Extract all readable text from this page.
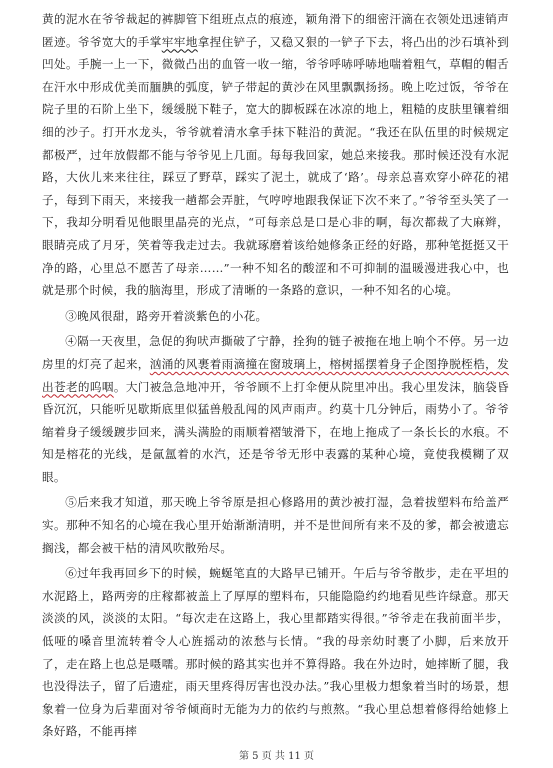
黄的泥水在爷爷裁起的裤脚管下组班点点的痕迹，颖角滑下的细密汗滴在衣领处迅速销声匿迹。爷爷宽大的手掌牢牢地拿捏住铲子，又稳又狠的一铲子下去，将凸出的沙石填补到凹处。手腕一上一下，微微凸出的血管一收一缩，爷爷呼哧呼哧地喘着粗气，草帽的帽舌在汗水中形成优美而腼腆的弧度，铲子带起的黄沙在风里飘飘扬扬。晚上吃过饭，爷爷在院子里的石阶上坐下，缓缓脱下鞋子，宽大的脚板踩在冰凉的地上，粗糙的皮肤里镶着细细的沙子。打开水龙头，爷爷就着清水拿手抹下鞋沿的黄泥。“我还在队伍里的时候规定都极严，过年放假都不能与爷爷见上几面。每每我回家，她总来接我。那时候还没有水泥路，大伙儿来来往往，踩豆了野草，踩实了泥土，就成了‘路’。母亲总喜欢穿小碎花的裙子，每到下雨天，来接我一趟都会弄脏，气哼哼地跟我保证下次不来了。”爷爷至头笑了一下，我却分明看见他眼里晶亮的光点，“可每亲总是口是心非的啊，每次都裁了大麻辫，眼睛亮成了月牙，笑着等我走过去。我就琢磨着该给她修条正经的好路，那种笔挺挺又干净的路，心里总不愿苦了母亲……”一种不知名的酸涩和不可抑制的温暖漫进我心中，也就是那个时候，我的脑海里，形成了清晰的一条路的意识，一种不知名的心境。

③晚风很甜，路旁开着淡紫色的小花。

④隔一天夜里，急促的狗吠声撕破了宁静，拴狗的链子被拖在地上响个不停。另一边房里的灯亮了起来，汹涌的风裹着雨滴撞在窗玻璃上，榕树摇摆着身子企图挣脱桎梏，发出苍老的呜咽。大门被急急地冲开，爷爷顾不上打伞便从院里冲出。我心里发沫，脑袋昏昏沉沉，只能听见歇斯底里似猛兽般乱闯的风声雨声。约莫十几分钟后，雨势小了。爷爷缩着身子缓缓踱步回来，满头满脸的雨顺着褶皱滑下，在地上拖成了一条长长的水痕。不知是榕花的光线，是氤氲着的水汽，还是爷爷无形中表露的某种心境，竟使我模糊了双眼。

⑤后来我才知道，那天晚上爷爷原是担心修路用的黄沙被打湿，急着拔塑料布给盖严实。那种不知名的心境在我心里开始渐渐清明，并不是世间所有来不及的爹，都会被遗忘搁浅，都会被干枯的清风吹散殆尽。

⑥过年我再回乡下的时候，蜿蜒笔直的大路早已铺开。午后与爷爷散步，走在平坦的水泥路上，路两旁的庄稼都被盖上了厚厚的塑料布，只能隐隐约约地看见些许绿意。那天淡淡的风，淡淡的太阳。“每次走在这路上，我心里都踏实得很。”爷爷走在我前面半步，低哑的嗓音里流转着令人心旌摇动的浓愁与长情。“我的母亲幼时裹了小脚，后来放开了，走在路上也总是嗫嚅。那时候的路其实也并不算得路。我在外边时，她摔断了腿，我也没得法子，留了后遗症，雨天里疼得厉害也没办法。”我心里极力想象着当时的场景，想象着一位身为后辈面对爷爷倾商时无能为力的依约与煎熬。“我心里总想着修得给她修上条好路，不能再摔

第 5 页 共 11 页
